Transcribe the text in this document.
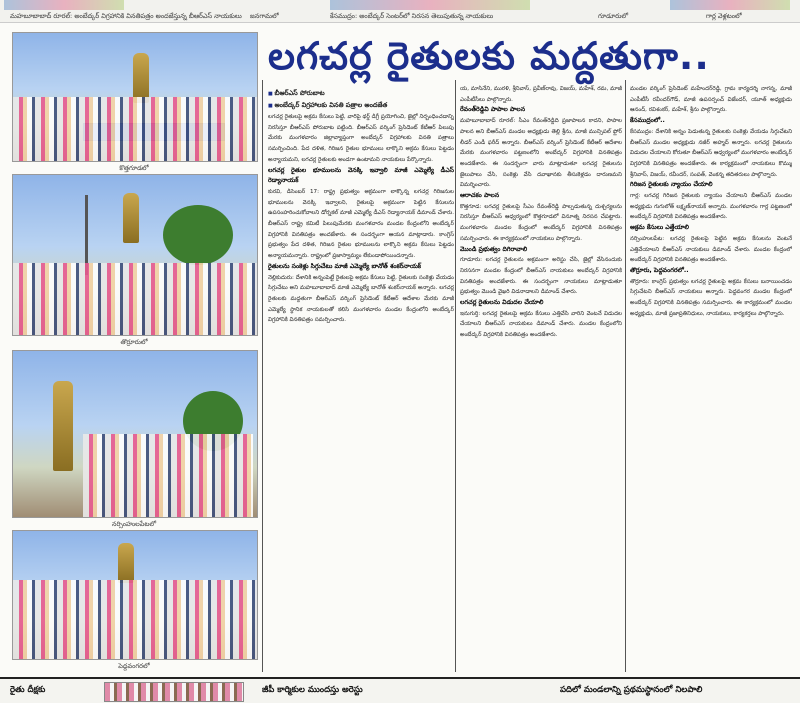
మహబూబాబాద్ రూరల్: అంబేద్కర్ విగ్రహానికి వినతిపత్రం అందజేస్తున్న బీఆర్ఎస్ నాయకులు జనగామలో	కేసముద్రం: అంబేద్కర్ సెంటర్‌లో నిరసన తెలుపుతున్న నాయకులు	గూడూరులో	గార్ల వెళ్లటంలో
లగచర్ల రైతులకు మద్దతుగా..
కొత్తగూడలో
తొర్రూరులో
నర్సింహులపేటలో
పెద్దవంగరలో
■ బీఆర్ఎస్ పోరుబాట
■ అంబేద్కర్ విగ్రహాలకు వినతి పత్రాల అందజేత

లగచర్ల రైతులపై అక్రమ కేసులు పెట్టి, వారిపై థర్డ్ డిగ్రీ ప్రయోగించి, జైల్లో నిర్బంధించడాన్ని నిరసిస్తూ బీఆర్ఎస్ పోరుబాట పట్టింది. బీఆర్ఎస్ వర్కింగ్ ప్రెసిడెంట్ కేటీఆర్ పిలుపు మేరకు మంగళవారం జిల్లావ్యాప్తంగా అంబేద్కర్ విగ్రహాలకు వినతి పత్రాలు సమర్పించింది. పేద దళిత, గిరిజన రైతుల భూములు లాక్కొని అక్రమ కేసులు పెట్టడం అన్యాయమని, లగచర్ల రైతులకు అండగా ఉంటామని నాయకులు పేర్కొన్నారు.

లగచర్ల రైతుల భూములను వెనక్కి ఇవ్వాలి మాజీ ఎమ్మెల్యే డీఎస్ రెడ్యానాయక్

కురవి, డిసెంబర్ 17: రాష్ట్ర ప్రభుత్వం అక్రమంగా లాక్కొన్న లగచర్ల గిరిజనుల భూములను వెనక్కి ఇవ్వాలని, రైతులపై అక్రమంగా పెట్టిన కేసులను ఉపసంహరించుకోవాలని డోర్నకల్ మాజీ ఎమ్మెల్యే డీఎస్ రెడ్యానాయక్ డిమాండ్ చేశారు. బీఆర్ఎస్ రాష్ట్ర కమిటీ పిలుపుమేరకు మంగళవారం మండల కేంద్రంలోని అంబేద్కర్ విగ్రహానికి వినతిపత్రం అందజేశారు. ఈ సందర్భంగా ఆయన మాట్లాడారు. కాంగ్రెస్ ప్రభుత్వం పేద దళిత, గిరిజన రైతుల భూములను లాక్కొని అక్రమ కేసులు పెట్టడం అన్యాయమన్నారు. రాష్ట్రంలో ప్రజాస్వామ్యం లేకుండాపోయిందన్నారు.

రైతులను సంకెళ్లు సిగ్గుచేటు మాజీ ఎమ్మెల్యే బానోత్ శంకర్‌నాయక్

నెల్లికుదురు: దేశానికి అన్నంపెట్టే రైతులపై అక్రమ కేసులు పెట్టి, రైతులకు సంకెళ్లు వేయడం సిగ్గుచేటు అని మహబూబాబాద్ మాజీ ఎమ్మెల్యే బానోత్ శంకర్‌నాయక్ అన్నారు. లగచర్ల రైతులకు మద్దతుగా బీఆర్ఎస్ వర్కింగ్ ప్రెసిడెంట్ కేటీఆర్ ఆదేశాల మేరకు మాజీ ఎమ్మెల్యే స్థానిక నాయకులతో కలిసి మంగళవారం మండల కేంద్రంలోని అంబేద్కర్ విగ్రహానికి వినతిపత్రం సమర్పించారు.

య, మాసినేని, మురళి, శ్రీనివాస్, ప్రవీణ్‌రావు, విజయ్, మహేశ్, రమ, మాజీ ఎంపీటీసీలు పాల్గొన్నారు.

రేవంత్‌రెడ్డివి పాపాల పాలన

మహబూబాబాద్ రూరల్: సీఎం రేవంత్‌రెడ్డిది ప్రజాపాలన కాదని, పాపాల పాలన అని బీఆర్ఎస్ మండల అధ్యక్షుడు తెల్లి శ్రీను, మాజీ మున్సిపల్ ఫ్లోర్ లీడర్ ఎండీ ఫరీద్ అన్నారు. బీఆర్ఎస్ వర్కింగ్ ప్రెసిడెంట్ కేటీఆర్ ఆదేశాల మేరకు మంగళవారం పట్టణంలోని అంబేద్కర్ విగ్రహానికి వినతిపత్రం అందజేశారు. ఈ సందర్భంగా వారు మాట్లాడుతూ లగచర్ల రైతులను జైలుపాలు చేసి, సంకెళ్లు వేసి దవాఖానకు తీసుకెళ్లడం దారుణమని విమర్శించారు.

ఆరాచకం పాలన

కొత్తగూడ: లగచర్ల రైతులపై సీఎం రేవంత్‌రెడ్డి పాల్పడుతున్న దుశ్చర్యలను నిరసిస్తూ బీఆర్ఎస్ ఆధ్వర్యంలో కొత్తగూడలో వినూత్న నిరసన చేపట్టారు. మంగళవారం మండల కేంద్రంలో అంబేద్కర్ విగ్రహానికి వినతిపత్రం సమర్పించారు. ఈ కార్యక్రమంలో నాయకులు పాల్గొన్నారు.

మొండి ప్రభుత్వం దిగిరావాలి

గూడూరు: లగచర్ల రైతులను అక్రమంగా అరెస్టు చేసి, జైల్లో వేసినందుకు నిరసనగా మండల కేంద్రంలో బీఆర్ఎస్ నాయకులు అంబేద్కర్ విగ్రహానికి వినతిపత్రం అందజేశారు. ఈ సందర్భంగా నాయకులు మాట్లాడుతూ ప్రభుత్వం మొండి వైఖరి విడనాడాలని డిమాండ్ చేశారు.

లగచర్ల రైతులను విడుదల చేయాలి

ఇనుగుర్తి: లగచర్ల రైతులపై అక్రమ కేసులు ఎత్తివేసి వారిని వెంటనే విడుదల చేయాలని బీఆర్ఎస్ నాయకులు డిమాండ్ చేశారు. మండల కేంద్రంలోని అంబేద్కర్ విగ్రహానికి వినతిపత్రం అందజేశారు.

మండల వర్కింగ్ ప్రెసిడెంట్ మహేందర్‌రెడ్డి, గ్రామ కార్యదర్శి నాగన్న, మాజీ ఎంపీటీసీ రవీందర్‌గౌడ్, మాజీ ఉపసర్పంచ్ విజేందర్, యూత్ అధ్యక్షుడు ఆనంద్, రవిశంకర్, మహేశ్, శ్రీను పాల్గొన్నారు.

కేసముద్రంలో..

కేసముద్రం: దేశానికి అన్నం పెడుతున్న రైతులకు సంకెళ్లు వేయడం సిగ్గుచేటని బీఆర్ఎస్ మండల అధ్యక్షుడు నజీర్ అహ్మద్ అన్నారు. లగచర్ల రైతులను విడుదల చేయాలని కోరుతూ బీఆర్ఎస్ ఆధ్వర్యంలో మంగళవారం అంబేద్కర్ విగ్రహానికి వినతిపత్రం అందజేశారు. ఈ కార్యక్రమంలో నాయకులు కొమ్ము శ్రీనివాస్, విజయ్, రవీందర్, సంపత్, వెంకన్న తదితరులు పాల్గొన్నారు.

గిరిజన రైతులకు న్యాయం చేయాలి

గార్ల: లగచర్ల గిరిజన రైతులకు న్యాయం చేయాలని బీఆర్ఎస్ మండల అధ్యక్షుడు గుగులోత్ లక్ష్మణ్‌నాయక్ అన్నారు. మంగళవారం గార్ల పట్టణంలో అంబేద్కర్ విగ్రహానికి వినతిపత్రం అందజేశారు.

అక్రమ కేసులు ఎత్తేయాలి

నర్సింహులపేట: లగచర్ల రైతులపై పెట్టిన అక్రమ కేసులను వెంటనే ఎత్తివేయాలని బీఆర్ఎస్ నాయకులు డిమాండ్ చేశారు. మండల కేంద్రంలో అంబేద్కర్ విగ్రహానికి వినతిపత్రం అందజేశారు.

తొర్రూరు, పెద్దవంగరలో..

తొర్రూరు: కాంగ్రెస్ ప్రభుత్వం లగచర్ల రైతులపై అక్రమ కేసులు బనాయించడం సిగ్గుచేటని బీఆర్ఎస్ నాయకులు అన్నారు. పెద్దవంగర మండల కేంద్రంలో అంబేద్కర్ విగ్రహానికి వినతిపత్రం సమర్పించారు. ఈ కార్యక్రమంలో మండల అధ్యక్షుడు, మాజీ ప్రజాప్రతినిధులు, నాయకులు, కార్యకర్తలు పాల్గొన్నారు.

రైతు దీక్షకు	జీపీ కార్మికుల ముందస్తు అరెస్టు	పదిలో మండలాన్ని ప్రథమస్థానంలో నిలపాలి
